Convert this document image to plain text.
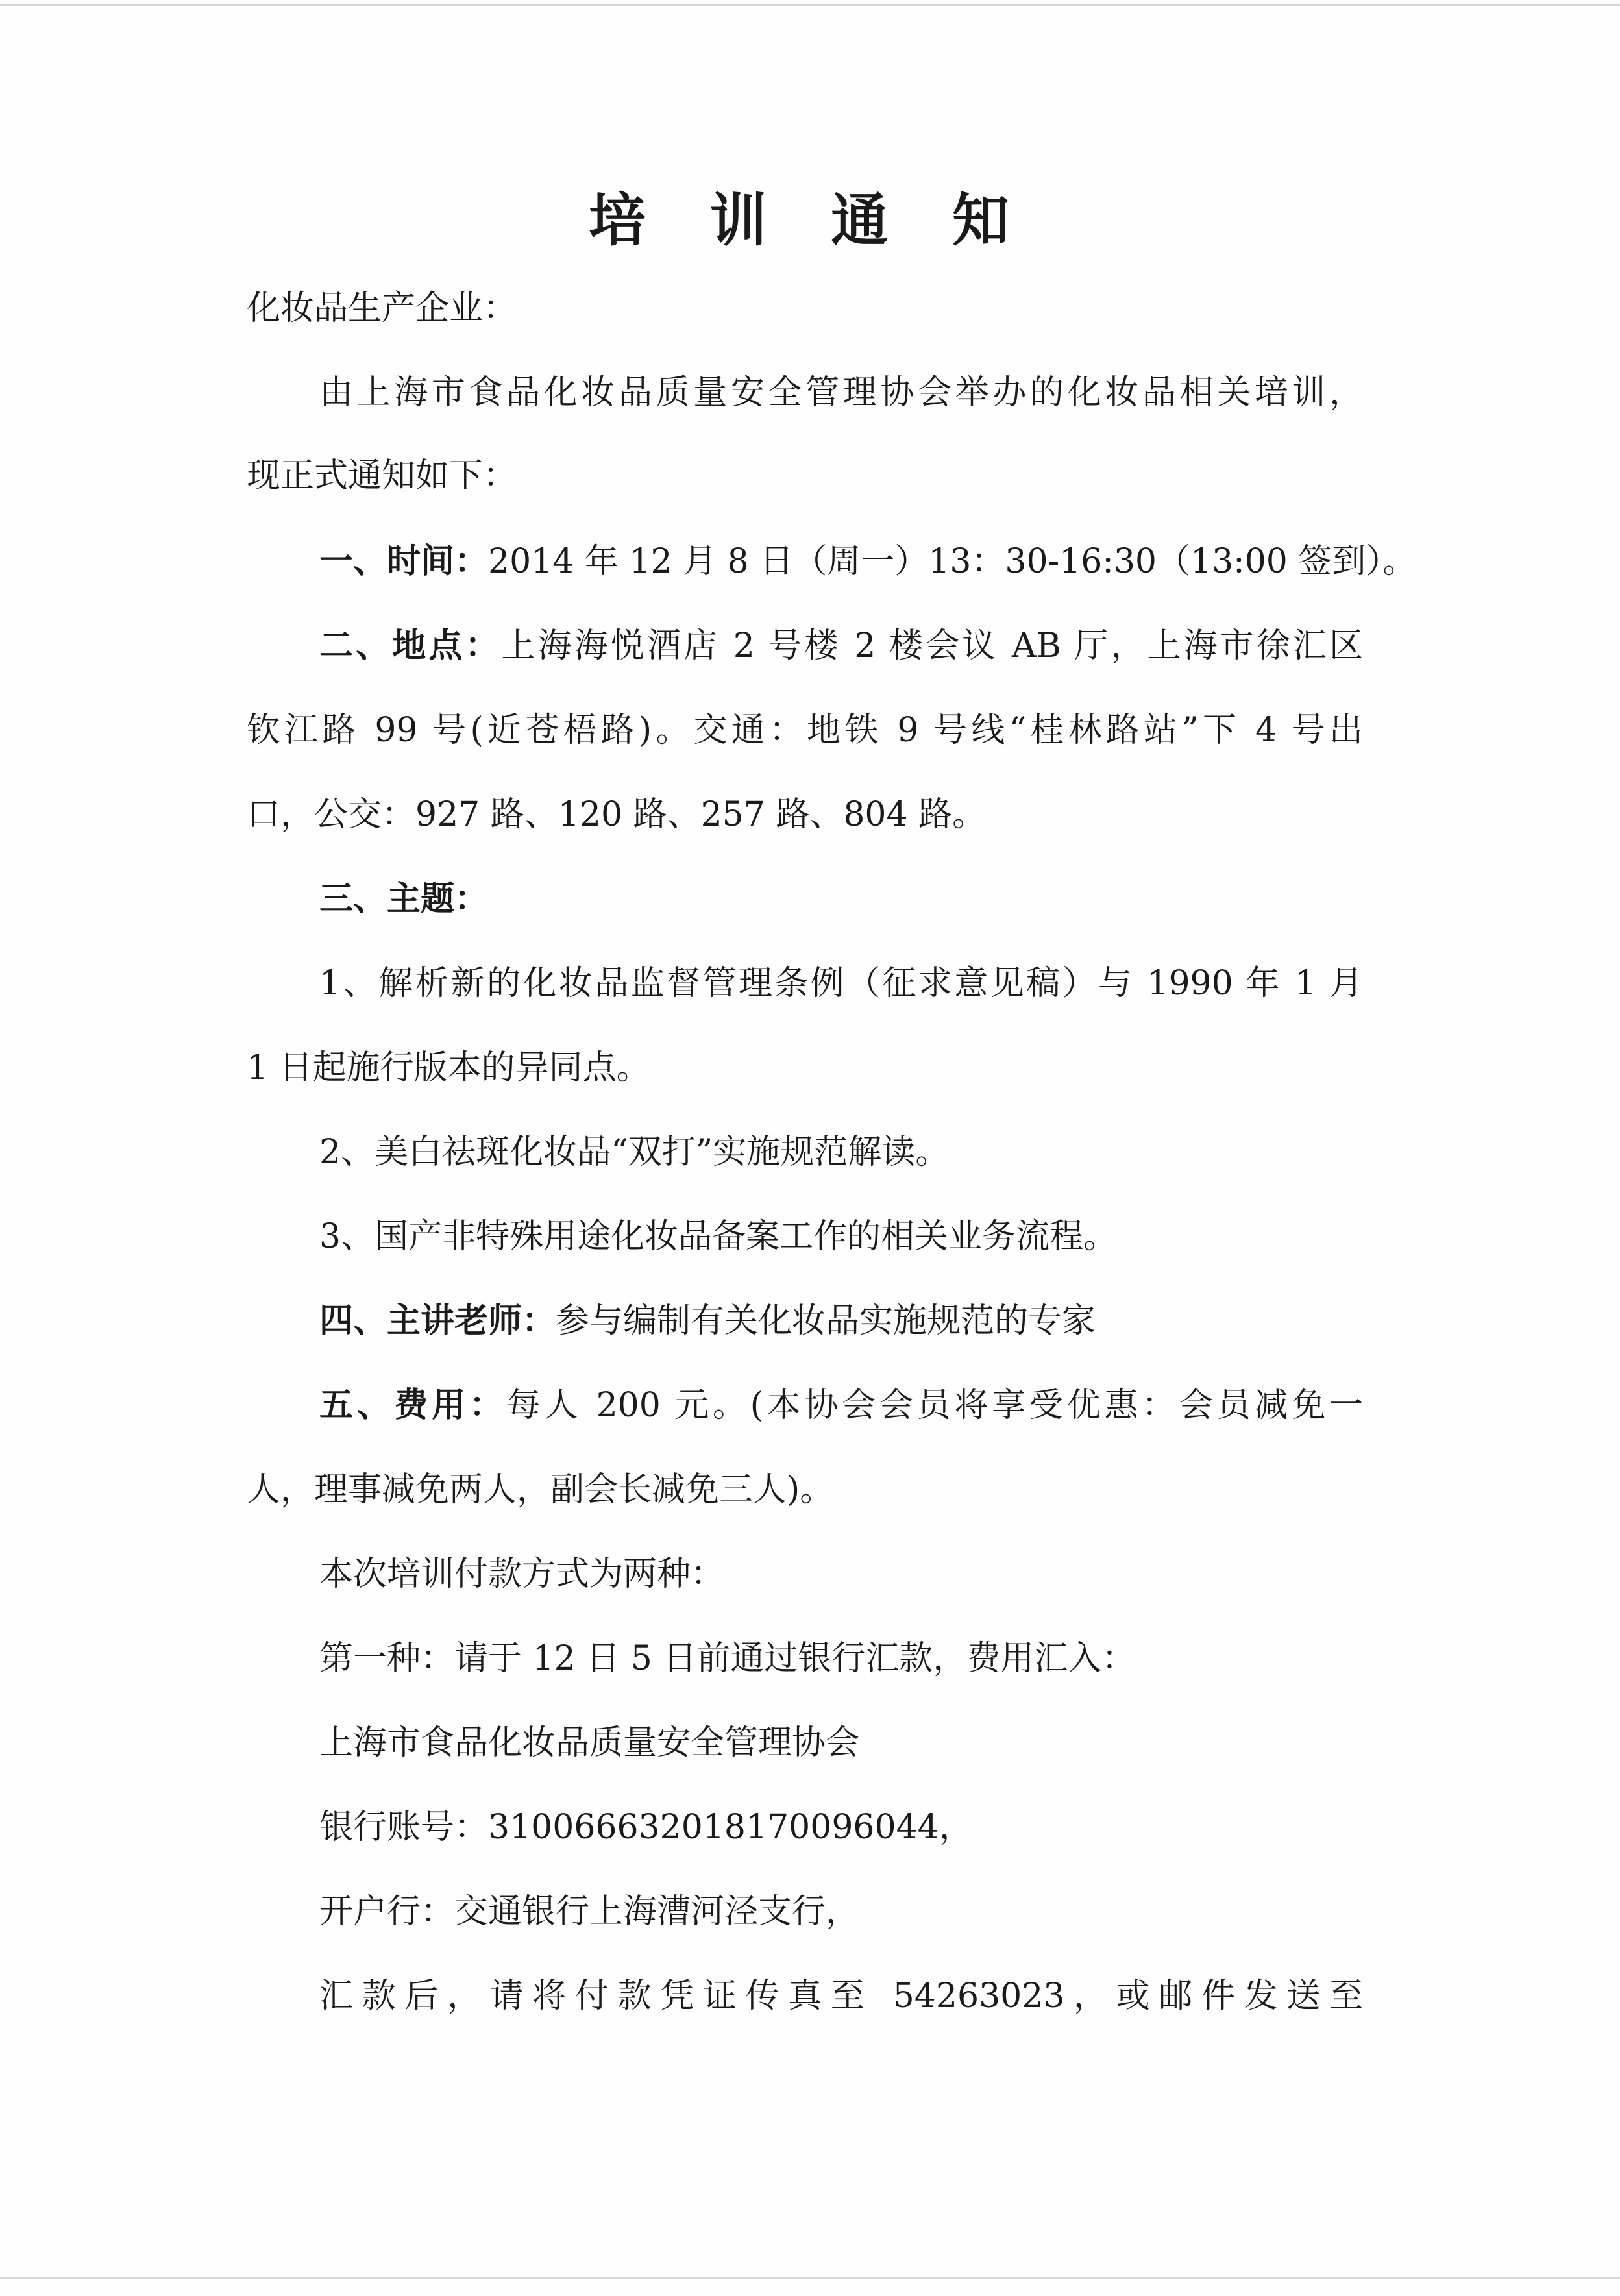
培 训 通 知

化妆品生产企业：

由上海市食品化妆品质量安全管理协会举办的化妆品相关培训，

现正式通知如下：

一、时间：2014 年 12 月 8 日（周一）13：30-16:30（13:00 签到）。

二、地点：上海海悦酒店 2 号楼 2 楼会议 AB 厅，上海市徐汇区

钦江路 99 号(近苍梧路)。交通：地铁 9 号线“桂林路站”下 4 号出

口，公交：927 路、120 路、257 路、804 路。

三、主题：

1、解析新的化妆品监督管理条例（征求意见稿）与 1990 年 1 月

1 日起施行版本的异同点。

2、美白祛斑化妆品“双打”实施规范解读。

3、国产非特殊用途化妆品备案工作的相关业务流程。

四、主讲老师：参与编制有关化妆品实施规范的专家

五、费用：每人 200 元。(本协会会员将享受优惠：会员减免一

人，理事减免两人，副会长减免三人)。

本次培训付款方式为两种：

第一种：请于 12 日 5 日前通过银行汇款，费用汇入：

上海市食品化妆品质量安全管理协会

银行账号：310066632018170096044，

开户行：交通银行上海漕河泾支行，

汇款后，请将付款凭证传真至 54263023，或邮件发送至
